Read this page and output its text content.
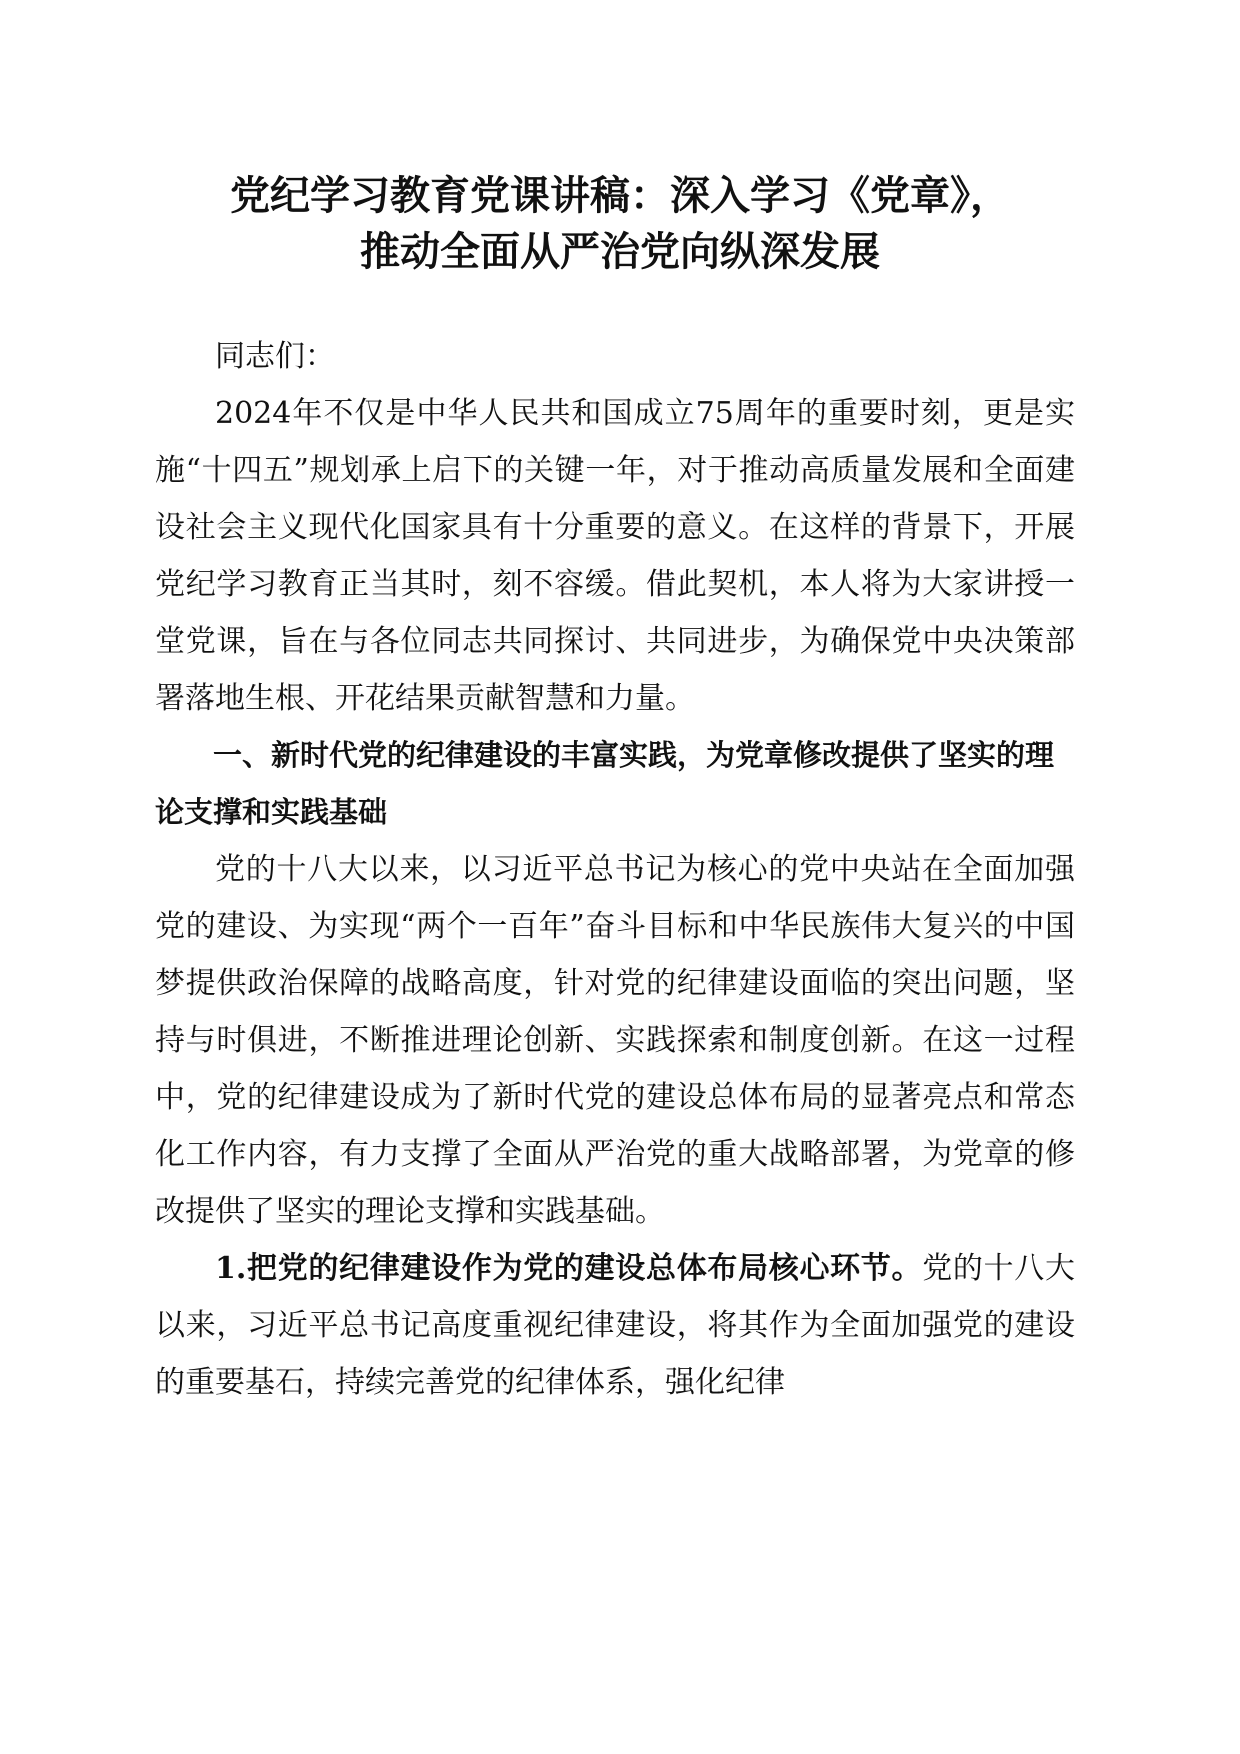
党纪学习教育党课讲稿：深入学习《党章》，
推动全面从严治党向纵深发展

同志们：

2024年不仅是中华人民共和国成立75周年的重要时刻，更是实施“十四五”规划承上启下的关键一年，对于推动高质量发展和全面建设社会主义现代化国家具有十分重要的意义。在这样的背景下，开展党纪学习教育正当其时，刻不容缓。借此契机，本人将为大家讲授一堂党课，旨在与各位同志共同探讨、共同进步，为确保党中央决策部署落地生根、开花结果贡献智慧和力量。

一、新时代党的纪律建设的丰富实践，为党章修改提供了坚实的理论支撑和实践基础

党的十八大以来，以习近平总书记为核心的党中央站在全面加强党的建设、为实现“两个一百年”奋斗目标和中华民族伟大复兴的中国梦提供政治保障的战略高度，针对党的纪律建设面临的突出问题，坚持与时俱进，不断推进理论创新、实践探索和制度创新。在这一过程中，党的纪律建设成为了新时代党的建设总体布局的显著亮点和常态化工作内容，有力支撑了全面从严治党的重大战略部署，为党章的修改提供了坚实的理论支撑和实践基础。

1.把党的纪律建设作为党的建设总体布局核心环节。党的十八大以来，习近平总书记高度重视纪律建设，将其作为全面加强党的建设的重要基石，持续完善党的纪律体系，强化纪律
